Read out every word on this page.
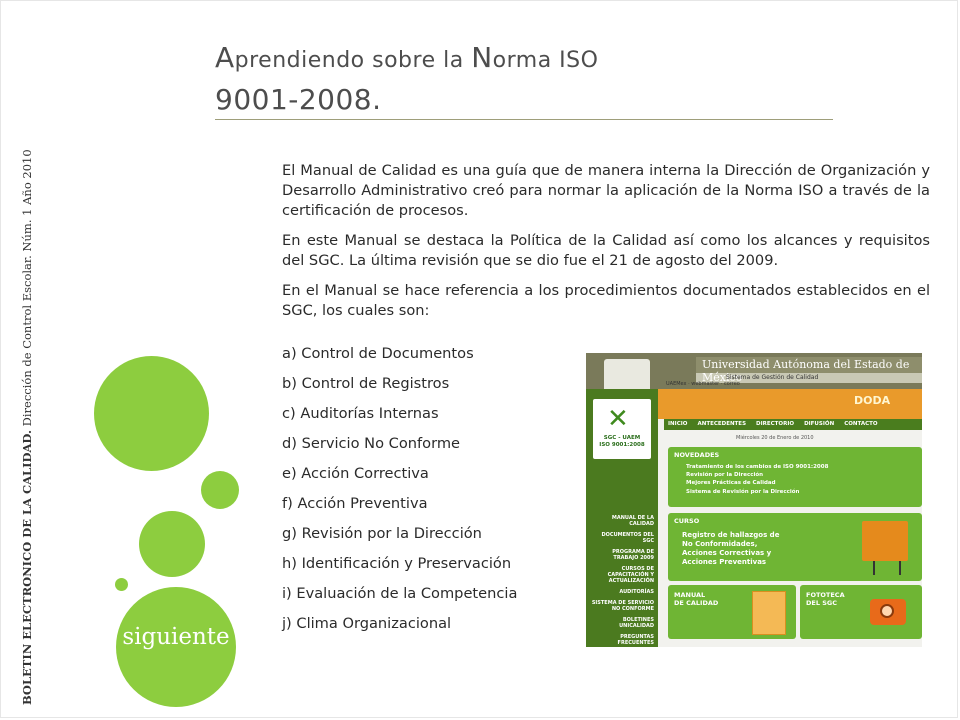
BOLETIN ELECTRONICO DE LA CALIDAD. Dirección de Control Escolar. Núm. 1 Año 2010
siguiente
Aprendiendo sobre la Norma ISO
9001-2008.

El Manual de Calidad es una guía que de manera interna la Dirección de Organización y Desarrollo Administrativo creó para normar la aplicación de la Norma ISO a través de la certificación de procesos.

En este Manual se destaca la Política de la Calidad así como los alcances y requisitos del SGC. La última revisión que se dio fue el 21 de agosto del 2009.

En el Manual se hace referencia a los procedimientos documentados establecidos en el SGC, los cuales son:

a) Control de Documentos
b) Control de Registros
c) Auditorías Internas
d) Servicio No Conforme
e) Acción Correctiva
f) Acción Preventiva
g) Revisión por la Dirección
h) Identificación y Preservación
i) Evaluación de la Competencia
j) Clima Organizacional
Universidad Autónoma del Estado de México
Sistema de Gestión de Calidad
DODA
UAEMex · webmaster · correo
INICIO ANTECEDENTES DIRECTORIO DIFUSIÓN CONTACTO
✕
SGC - UAEM ISO 9001:2008
MANUAL DE LA CALIDAD
DOCUMENTOS DEL SGC
PROGRAMA DE TRABAJO 2009
CURSOS DE CAPACITACIÓN Y ACTUALIZACIÓN
AUDITORÍAS
SISTEMA DE SERVICIO NO CONFORME
BOLETINES UNICALIDAD
PREGUNTAS FRECUENTES
Miércoles 20 de Enero de 2010
NOVEDADES
Tratamiento de los cambios de ISO 9001:2008
Revisión por la Dirección
Mejores Prácticas de Calidad
Sistema de Revisión por la Dirección
CURSO
Registro de hallazgos de
No Conformidades,
Acciones Correctivas y
Acciones Preventivas
MANUAL
DE CALIDAD
FOTOTECA
DEL SGC
